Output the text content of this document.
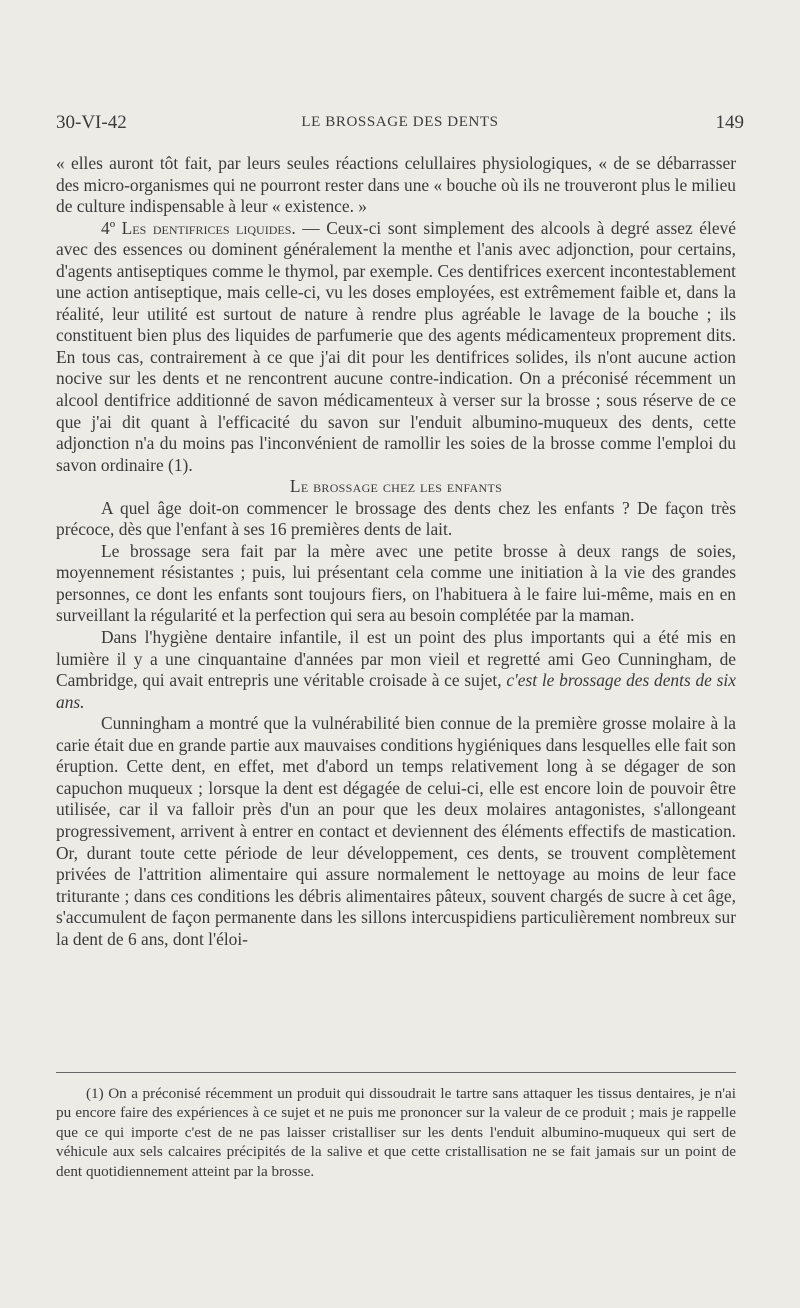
30-VI-42	LE BROSSAGE DES DENTS	149

« elles auront tôt fait, par leurs seules réactions celullaires physiologiques, « de se débarrasser des micro-organismes qui ne pourront rester dans une « bouche où ils ne trouveront plus le milieu de culture indispensable à leur « existence. »

4º Les dentifrices liquides. — Ceux-ci sont simplement des alcools à degré assez élevé avec des essences ou dominent généralement la menthe et l'anis avec adjonction, pour certains, d'agents antiseptiques comme le thymol, par exemple. Ces dentifrices exercent incontestablement une action antiseptique, mais celle-ci, vu les doses employées, est extrêmement faible et, dans la réalité, leur utilité est surtout de nature à rendre plus agréable le lavage de la bouche ; ils constituent bien plus des liquides de parfumerie que des agents médicamenteux proprement dits. En tous cas, contrairement à ce que j'ai dit pour les dentifrices solides, ils n'ont aucune action nocive sur les dents et ne rencontrent aucune contre-indication. On a préconisé récemment un alcool dentifrice additionné de savon médicamenteux à verser sur la brosse ; sous réserve de ce que j'ai dit quant à l'efficacité du savon sur l'enduit albumino-muqueux des dents, cette adjonction n'a du moins pas l'inconvénient de ramollir les soies de la brosse comme l'emploi du savon ordinaire (1).

Le brossage chez les enfants

A quel âge doit-on commencer le brossage des dents chez les enfants ? De façon très précoce, dès que l'enfant à ses 16 premières dents de lait.

Le brossage sera fait par la mère avec une petite brosse à deux rangs de soies, moyennement résistantes ; puis, lui présentant cela comme une initiation à la vie des grandes personnes, ce dont les enfants sont toujours fiers, on l'habituera à le faire lui-même, mais en en surveillant la régularité et la perfection qui sera au besoin complétée par la maman.

Dans l'hygiène dentaire infantile, il est un point des plus importants qui a été mis en lumière il y a une cinquantaine d'années par mon vieil et regretté ami Geo Cunningham, de Cambridge, qui avait entrepris une véritable croisade à ce sujet, c'est le brossage des dents de six ans.

Cunningham a montré que la vulnérabilité bien connue de la première grosse molaire à la carie était due en grande partie aux mauvaises conditions hygiéniques dans lesquelles elle fait son éruption. Cette dent, en effet, met d'abord un temps relativement long à se dégager de son capuchon muqueux ; lorsque la dent est dégagée de celui-ci, elle est encore loin de pouvoir être utilisée, car il va falloir près d'un an pour que les deux molaires antagonistes, s'allongeant progressivement, arrivent à entrer en contact et deviennent des éléments effectifs de mastication. Or, durant toute cette période de leur développement, ces dents, se trouvent complètement privées de l'attrition alimentaire qui assure normalement le nettoyage au moins de leur face triturante ; dans ces conditions les débris alimentaires pâteux, souvent chargés de sucre à cet âge, s'accumulent de façon permanente dans les sillons intercuspidiens particulièrement nombreux sur la dent de 6 ans, dont l'éloi-

(1) On a préconisé récemment un produit qui dissoudrait le tartre sans attaquer les tissus dentaires, je n'ai pu encore faire des expériences à ce sujet et ne puis me prononcer sur la valeur de ce produit ; mais je rappelle que ce qui importe c'est de ne pas laisser cristalliser sur les dents l'enduit albumino-muqueux qui sert de véhicule aux sels calcaires précipités de la salive et que cette cristallisation ne se fait jamais sur un point de dent quotidiennement atteint par la brosse.
